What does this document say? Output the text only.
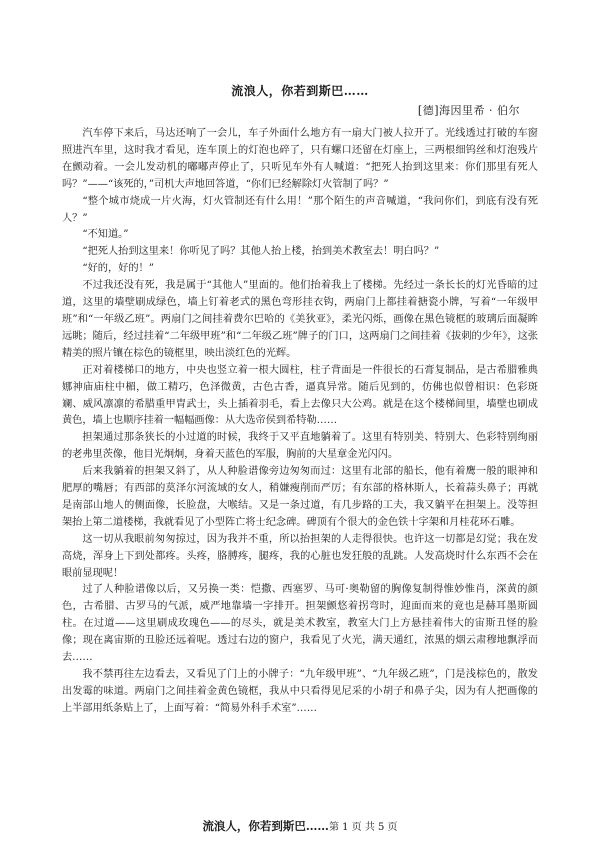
流浪人，你若到斯巴……
[德]海因里希 · 伯尔

汽车停下来后，马达还响了一会儿，车子外面什么地方有一扇大门被人拉开了。光线透过打破的车窗照进汽车里，这时我才看见，连车顶上的灯泡也碎了，只有螺口还留在灯座上，三两根细钨丝和灯泡残片在颤动着。一会儿发动机的嘟嘟声停止了，只听见车外有人喊道：“把死人抬到这里来：你们那里有死人吗？”——“该死的，”司机大声地回答道，“你们已经解除灯火管制了吗？”

“整个城市烧成一片火海，灯火管制还有什么用！”那个陌生的声音喊道，“我问你们，到底有没有死人？”

“不知道。”

“把死人抬到这里来！你听见了吗？其他人抬上楼，抬到美术教室去！明白吗？”

“好的，好的！”

不过我还没有死，我是属于“其他人”里面的。他们抬着我上了楼梯。先经过一条长长的灯光昏暗的过道，这里的墙壁刷成绿色，墙上钉着老式的黑色弯形挂衣钩，两扇门上都挂着搪瓷小牌，写着“一年级甲班”和“一年级乙班”。两扇门之间挂着费尔巴哈的《美狄亚》，柔光闪烁，画像在黑色镜框的玻璃后面凝眸远眺；随后，经过挂着“二年级甲班”和“二年级乙班”牌子的门口，这两扇门之间挂着《拔刺的少年》，这张精美的照片镶在棕色的镜框里，映出淡红色的光辉。

正对着楼梯口的地方，中央也竖立着一根大圆柱，柱子背面是一件很长的石膏复制品，是古希腊雅典娜神庙庙柱中楣，做工精巧，色泽微黄，古色古香，逼真异常。随后见到的，仿佛也似曾相识：色彩斑斓、威风凛凛的希腊重甲胄武士，头上插着羽毛，看上去像只大公鸡。就是在这个楼梯间里，墙壁也刷成黄色，墙上也顺序挂着一幅幅画像：从大选帝侯到希特勒……

担架通过那条狭长的小过道的时候，我终于又平直地躺着了。这里有特别美、特别大、色彩特别绚丽的老弗里茨像，他目光炯炯，身着天蓝色的军服，胸前的大星章金光闪闪。

后来我躺着的担架又斜了，从人种脸谱像旁边匆匆而过：这里有北部的船长，他有着鹰一般的眼神和肥厚的嘴唇；有西部的莫泽尔河流域的女人，稍嫌瘦削而严厉；有东部的格林斯人，长着蒜头鼻子；再就是南部山地人的侧面像，长脸盘，大喉结。又是一条过道，有几步路的工夫，我又躺平在担架上。没等担架抬上第二道楼梯，我就看见了小型阵亡将士纪念碑。碑顶有个很大的金色铁十字架和月桂花环石雕。

这一切从我眼前匆匆掠过，因为我并不重，所以抬担架的人走得很快。也许这一切都是幻觉；我在发高烧，浑身上下到处都疼。头疼，胳膊疼，腿疼，我的心脏也发狂般的乱跳。人发高烧时什么东西不会在眼前显现呢！

过了人种脸谱像以后，又另换一类：恺撒、西塞罗、马可·奥勒留的胸像复制得惟妙惟肖，深黄的颜色，古希腊、古罗马的气派，威严地靠墙一字排开。担架颤悠着拐弯时，迎面而来的竟也是赫耳墨斯圆柱。在过道——这里刷成玫瑰色——的尽头，就是美术教室，教室大门上方悬挂着伟大的宙斯丑怪的脸像；现在离宙斯的丑脸还远着呢。透过右边的窗户，我看见了火光，满天通红，浓黑的烟云肃穆地飘浮而去……

我不禁再往左边看去，又看见了门上的小牌子：“九年级甲班”、“九年级乙班”，门是浅棕色的，散发出发霉的味道。两扇门之间挂着金黄色镜框，我从中只看得见尼采的小胡子和鼻子尖，因为有人把画像的上半部用纸条贴上了，上面写着：“简易外科手术室”……

流浪人，你若到斯巴……第 1 页 共 5 页
